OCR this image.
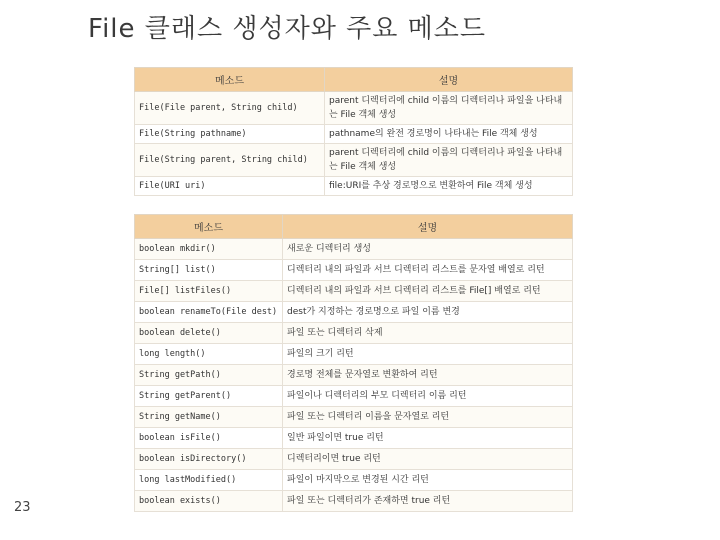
File 클래스 생성자와 주요 메소드
메소드	설명
File(File parent, String child)	parent 디렉터리에 child 이름의 디렉터리나 파일을 나타내는 File 객체 생성
File(String pathname)	pathname의 완전 경로명이 나타내는 File 객체 생성
File(String parent, String child)	parent 디렉터리에 child 이름의 디렉터리나 파일을 나타내는 File 객체 생성
File(URI uri)	file:URI를 추상 경로명으로 변환하여 File 객체 생성
메소드	설명
boolean mkdir()	새로운 디렉터리 생성
String[] list()	디렉터리 내의 파일과 서브 디렉터리 리스트를 문자열 배열로 리턴
File[] listFiles()	디렉터리 내의 파일과 서브 디렉터리 리스트를 File[] 배열로 리턴
boolean renameTo(File dest)	dest가 지정하는 경로명으로 파일 이름 변경
boolean delete()	파일 또는 디렉터리 삭제
long length()	파일의 크기 리턴
String getPath()	경로명 전체를 문자열로 변환하여 리턴
String getParent()	파일이나 디렉터리의 부모 디렉터리 이름 리턴
String getName()	파일 또는 디렉터리 이름을 문자열로 리턴
boolean isFile()	일반 파일이면 true 리턴
boolean isDirectory()	디렉터리이면 true 리턴
long lastModified()	파일이 마지막으로 변경된 시간 리턴
boolean exists()	파일 또는 디렉터리가 존재하면 true 리턴
23
